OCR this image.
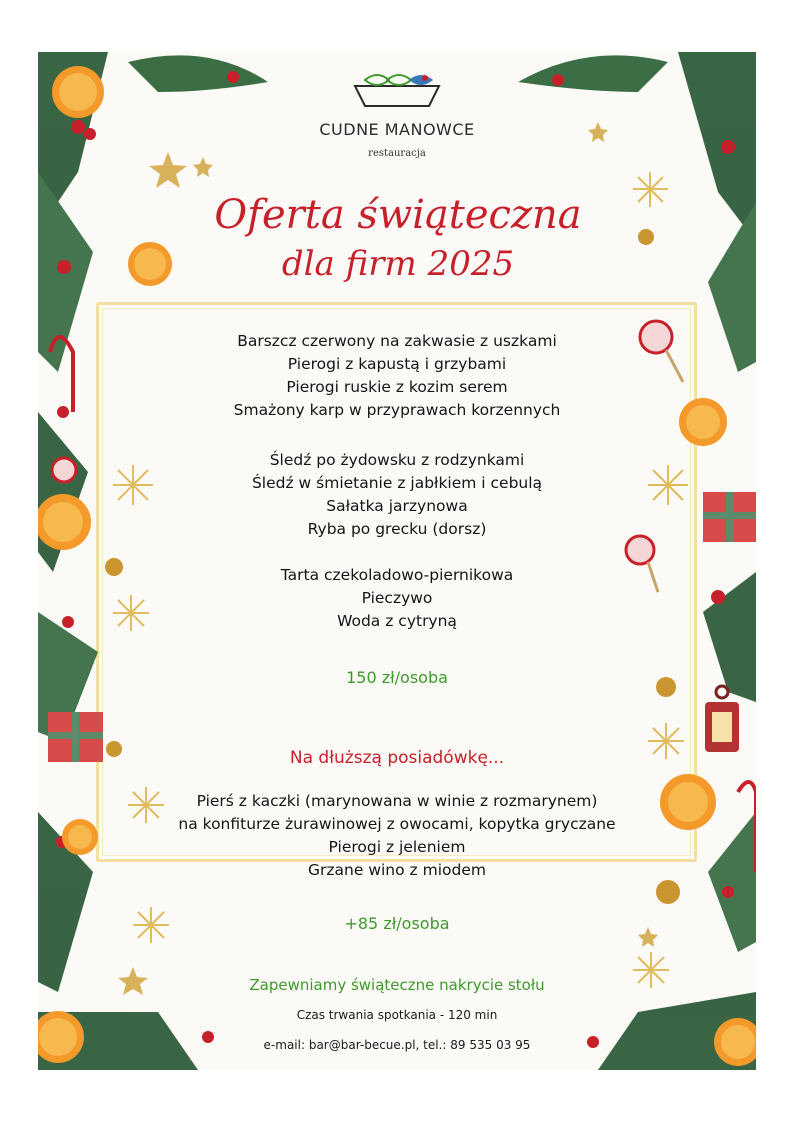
CUDNE MANOWCE
restauracja
Oferta świąteczna
dla firm 2025
Barszcz czerwony na zakwasie z uszkami
Pierogi z kapustą i grzybami
Pierogi ruskie z kozim serem
Smażony karp w przyprawach korzennych
Śledź po żydowsku z rodzynkami
Śledź w śmietanie z jabłkiem i cebulą
Sałatka jarzynowa
Ryba po grecku (dorsz)
Tarta czekoladowo-piernikowa
Pieczywo
Woda z cytryną
150 zł/osoba
Na dłuższą posiadówkę...
Pierś z kaczki (marynowana w winie z rozmarynem)
na konfiturze żurawinowej z owocami, kopytka gryczane
Pierogi z jeleniem
Grzane wino z miodem
+85 zł/osoba
Zapewniamy świąteczne nakrycie stołu
Czas trwania spotkania - 120 min
e-mail: bar@bar-becue.pl, tel.: 89 535 03 95
